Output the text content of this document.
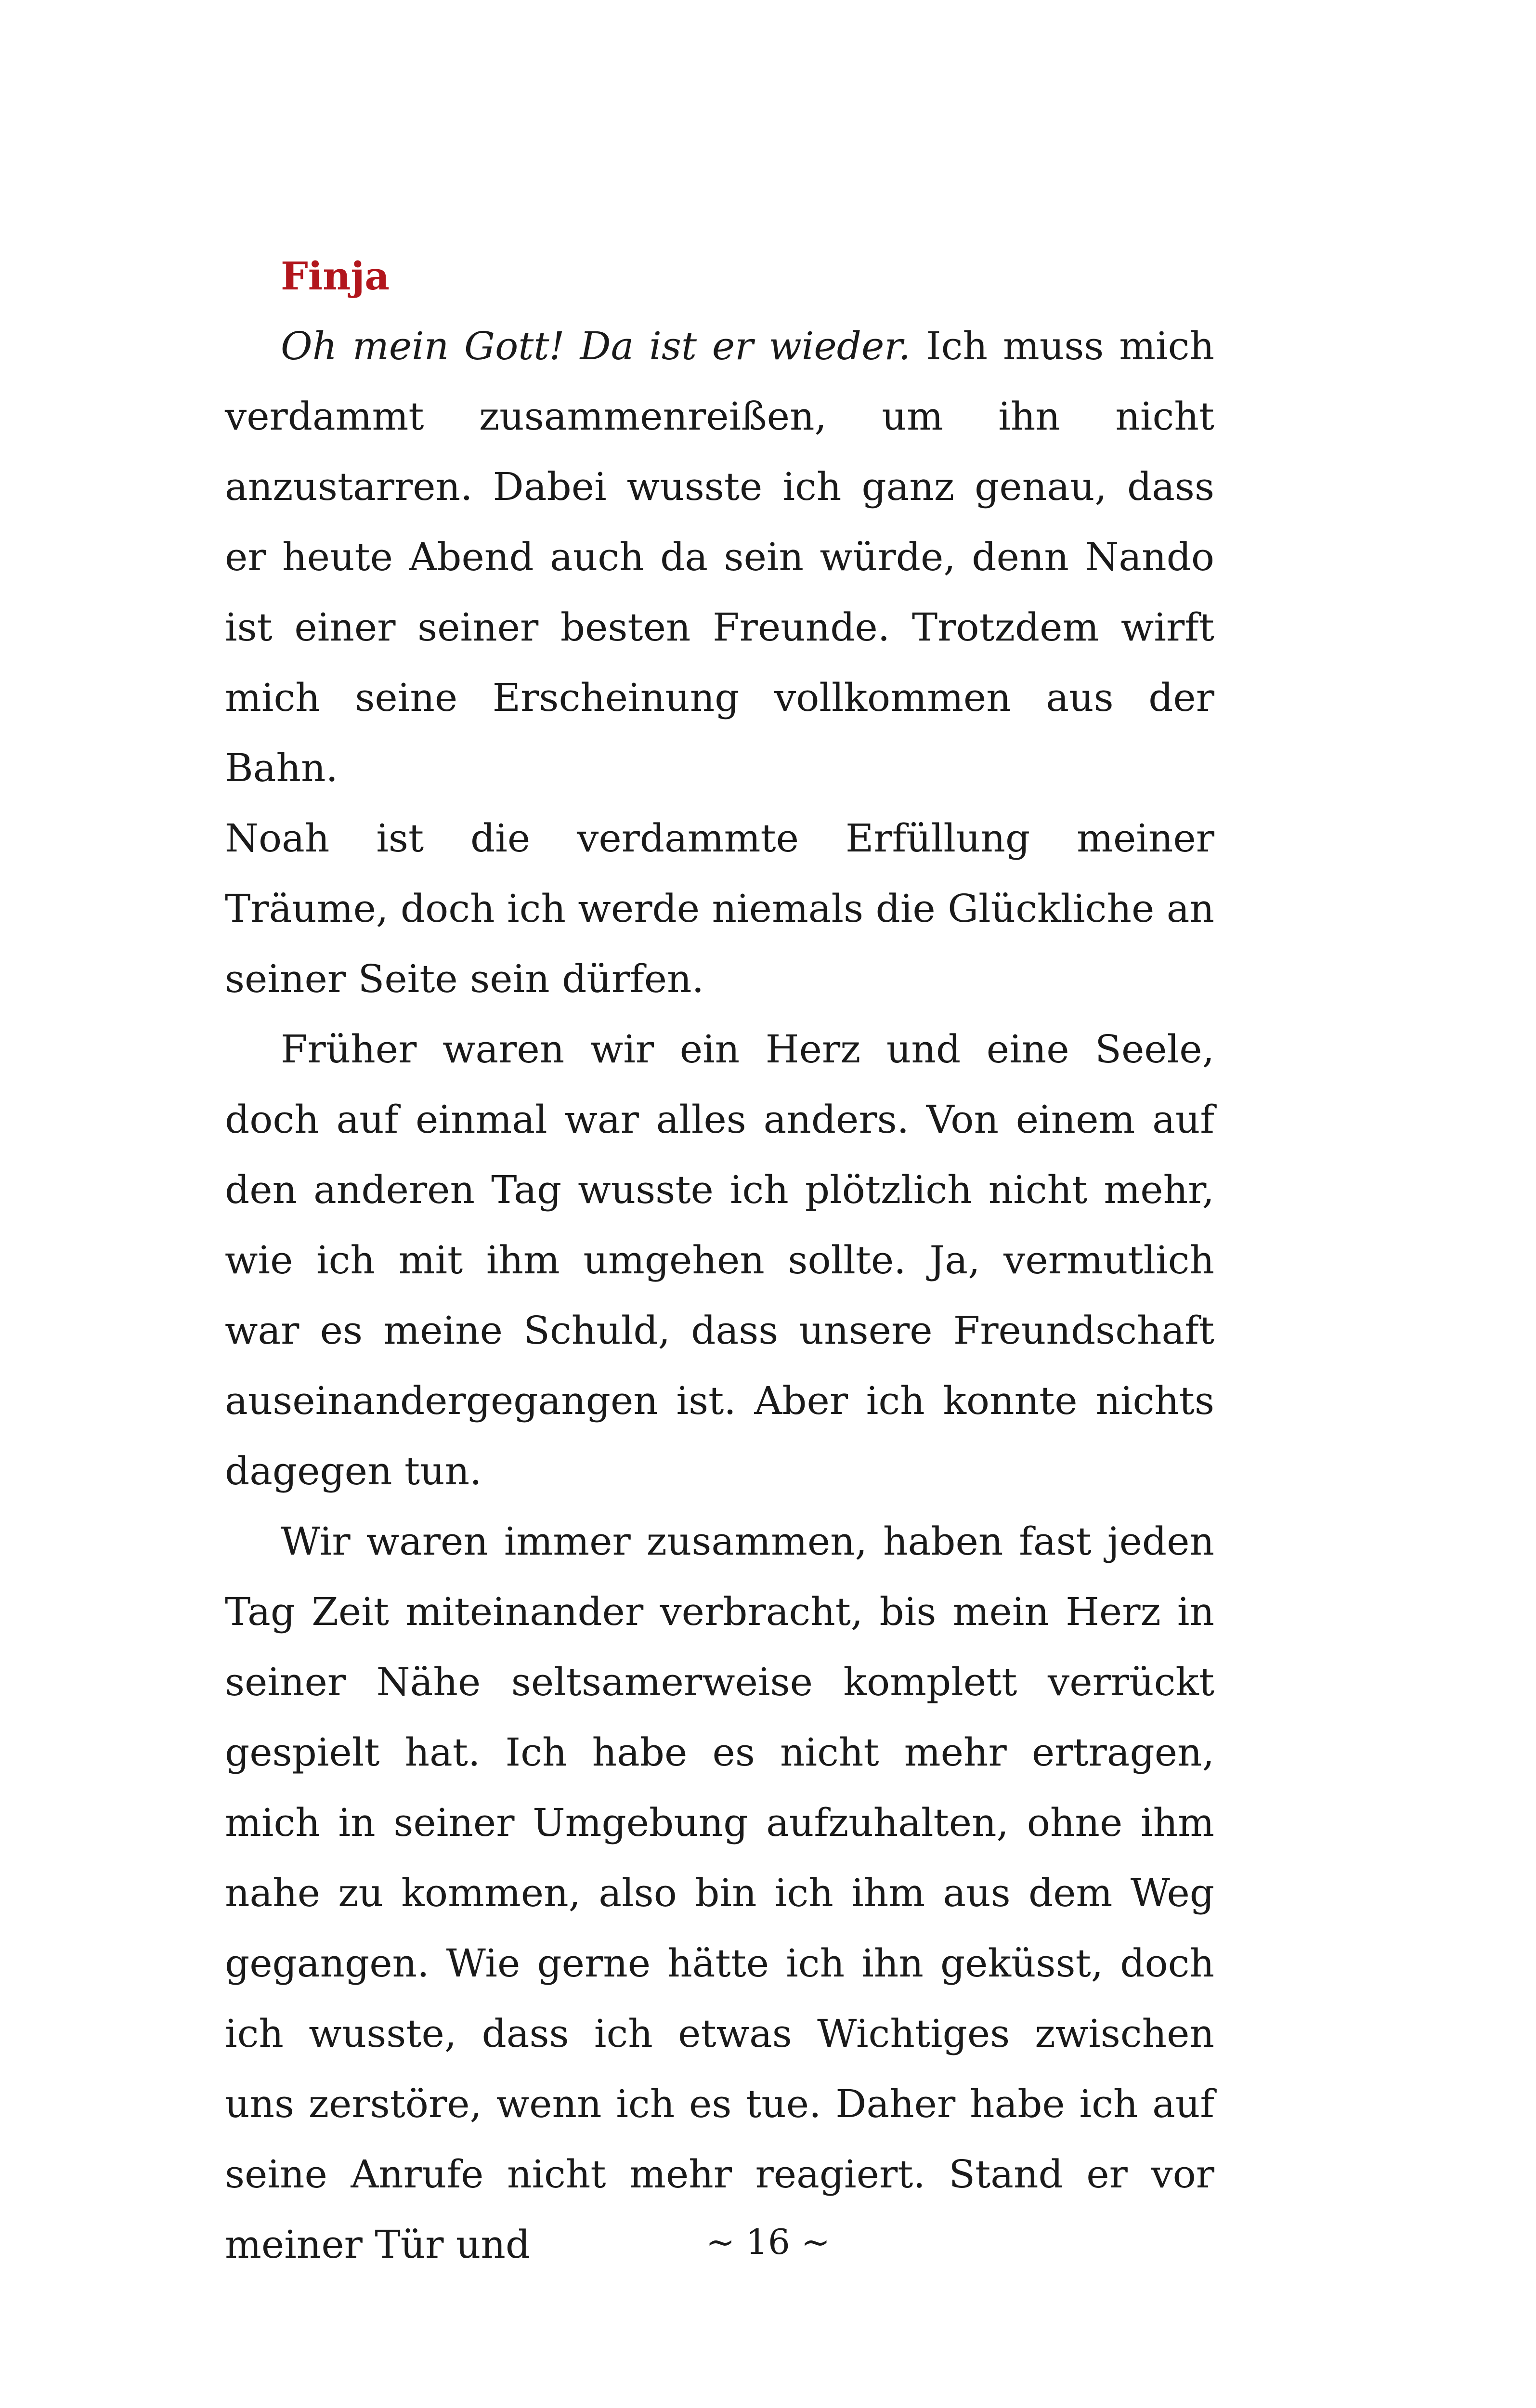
Finja

Oh mein Gott! Da ist er wieder. Ich muss mich verdammt zusammenreißen, um ihn nicht anzustarren. Dabei wusste ich ganz genau, dass er heute Abend auch da sein würde, denn Nando ist einer seiner besten Freunde. Trotzdem wirft mich seine Erscheinung vollkommen aus der Bahn.

Noah ist die verdammte Erfüllung meiner Träume, doch ich werde niemals die Glückliche an seiner Seite sein dürfen.

Früher waren wir ein Herz und eine Seele, doch auf einmal war alles anders. Von einem auf den anderen Tag wusste ich plötzlich nicht mehr, wie ich mit ihm umgehen sollte. Ja, vermutlich war es meine Schuld, dass unsere Freundschaft auseinandergegangen ist. Aber ich konnte nichts dagegen tun.

Wir waren immer zusammen, haben fast jeden Tag Zeit miteinander verbracht, bis mein Herz in seiner Nähe seltsamerweise komplett verrückt gespielt hat. Ich habe es nicht mehr ertragen, mich in seiner Umgebung aufzuhalten, ohne ihm nahe zu kommen, also bin ich ihm aus dem Weg gegangen. Wie gerne hätte ich ihn geküsst, doch ich wusste, dass ich etwas Wichtiges zwischen uns zerstöre, wenn ich es tue. Daher habe ich auf seine Anrufe nicht mehr reagiert. Stand er vor meiner Tür und	~ 16 ~
